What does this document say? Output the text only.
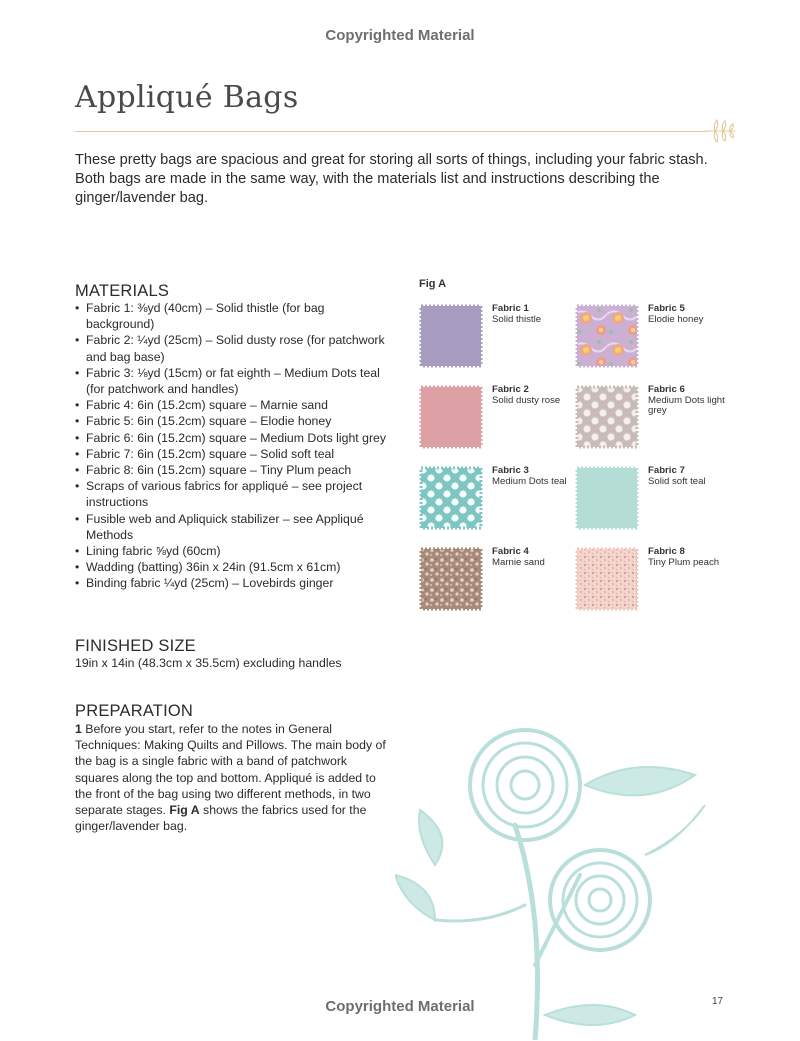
Copyrighted Material
Appliqué Bags

These pretty bags are spacious and great for storing all sorts of things, including your fabric stash. Both bags are made in the same way, with the materials list and instructions describing the ginger/lavender bag.

MATERIALS
• Fabric 1: ⅜yd (40cm) – Solid thistle (for bag background)
• Fabric 2: ¼yd (25cm) – Solid dusty rose (for patchwork and bag base)
• Fabric 3: ⅛yd (15cm) or fat eighth – Medium Dots teal (for patchwork and handles)
• Fabric 4: 6in (15.2cm) square – Marnie sand
• Fabric 5: 6in (15.2cm) square – Elodie honey
• Fabric 6: 6in (15.2cm) square – Medium Dots light grey
• Fabric 7: 6in (15.2cm) square – Solid soft teal
• Fabric 8: 6in (15.2cm) square – Tiny Plum peach
• Scraps of various fabrics for appliqué – see project instructions
• Fusible web and Apliquick stabilizer – see Appliqué Methods
• Lining fabric ⅝yd (60cm)
• Wadding (batting) 36in x 24in (91.5cm x 61cm)
• Binding fabric ¼yd (25cm) – Lovebirds ginger
FINISHED SIZE

19in x 14in (48.3cm x 35.5cm) excluding handles

PREPARATION

1 Before you start, refer to the notes in General Techniques: Making Quilts and Pillows. The main body of the bag is a single fabric with a band of patchwork squares along the top and bottom. Appliqué is added to the front of the bag using two different methods, in two separate stages. Fig A shows the fabrics used for the ginger/lavender bag.

Fig A
Fabric 1
Solid thistle
Fabric 5
Elodie honey
Fabric 2
Solid dusty rose
Fabric 6
Medium Dots light grey
Fabric 3
Medium Dots teal
Fabric 7
Solid soft teal
Fabric 4
Marnie sand
Fabric 8
Tiny Plum peach
17
Copyrighted Material
